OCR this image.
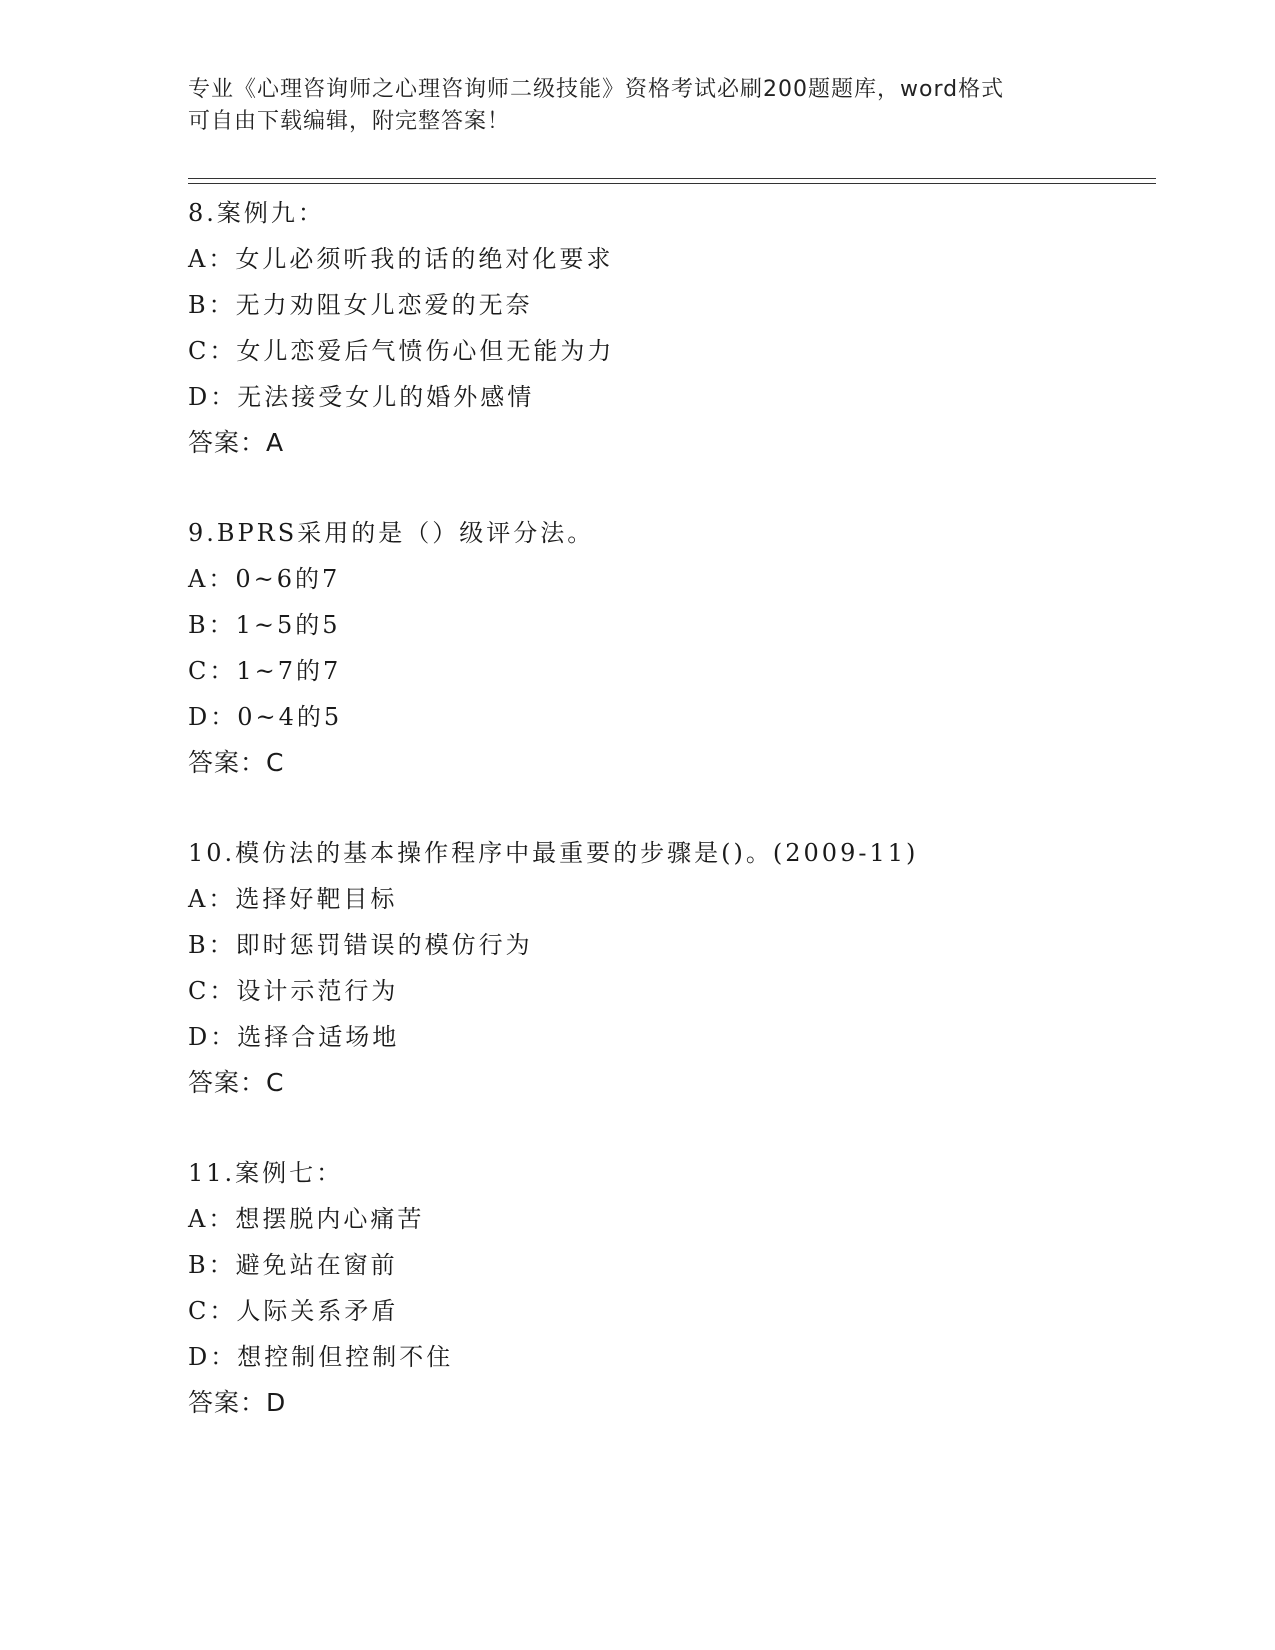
专业《心理咨询师之心理咨询师二级技能》资格考试必刷200题题库，word格式
可自由下载编辑，附完整答案！
8.案例九：
A：女儿必须听我的话的绝对化要求
B：无力劝阻女儿恋爱的无奈
C：女儿恋爱后气愤伤心但无能为力
D：无法接受女儿的婚外感情
答案：A
9.BPRS采用的是（）级评分法。
A：0~6的7
B：1~5的5
C：1~7的7
D：0~4的5
答案：C
10.模仿法的基本操作程序中最重要的步骤是()。(2009-11)
A：选择好靶目标
B：即时惩罚错误的模仿行为
C：设计示范行为
D：选择合适场地
答案：C
11.案例七：
A：想摆脱内心痛苦
B：避免站在窗前
C：人际关系矛盾
D：想控制但控制不住
答案：D
